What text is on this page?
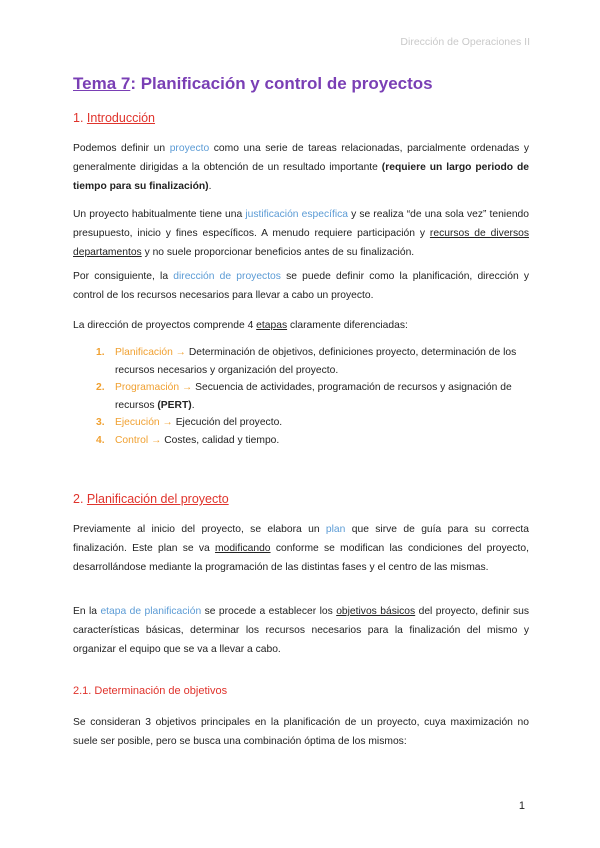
Dirección de Operaciones II
Tema 7: Planificación y control de proyectos
1. Introducción
Podemos definir un proyecto como una serie de tareas relacionadas, parcialmente ordenadas y generalmente dirigidas a la obtención de un resultado importante (requiere un largo periodo de tiempo para su finalización).
Un proyecto habitualmente tiene una justificación específica y se realiza “de una sola vez” teniendo presupuesto, inicio y fines específicos. A menudo requiere participación y recursos de diversos departamentos y no suele proporcionar beneficios antes de su finalización.
Por consiguiente, la dirección de proyectos se puede definir como la planificación, dirección y control de los recursos necesarios para llevar a cabo un proyecto.
La dirección de proyectos comprende 4 etapas claramente diferenciadas:
1. Planificación → Determinación de objetivos, definiciones proyecto, determinación de los recursos necesarios y organización del proyecto.
2. Programación → Secuencia de actividades, programación de recursos y asignación de recursos (PERT).
3. Ejecución → Ejecución del proyecto.
4. Control → Costes, calidad y tiempo.
2. Planificación del proyecto
Previamente al inicio del proyecto, se elabora un plan que sirve de guía para su correcta finalización. Este plan se va modificando conforme se modifican las condiciones del proyecto, desarrollándose mediante la programación de las distintas fases y el centro de las mismas.
En la etapa de planificación se procede a establecer los objetivos básicos del proyecto, definir sus características básicas, determinar los recursos necesarios para la finalización del mismo y organizar el equipo que se va a llevar a cabo.
2.1. Determinación de objetivos
Se consideran 3 objetivos principales en la planificación de un proyecto, cuya maximización no suele ser posible, pero se busca una combinación óptima de los mismos:
1
